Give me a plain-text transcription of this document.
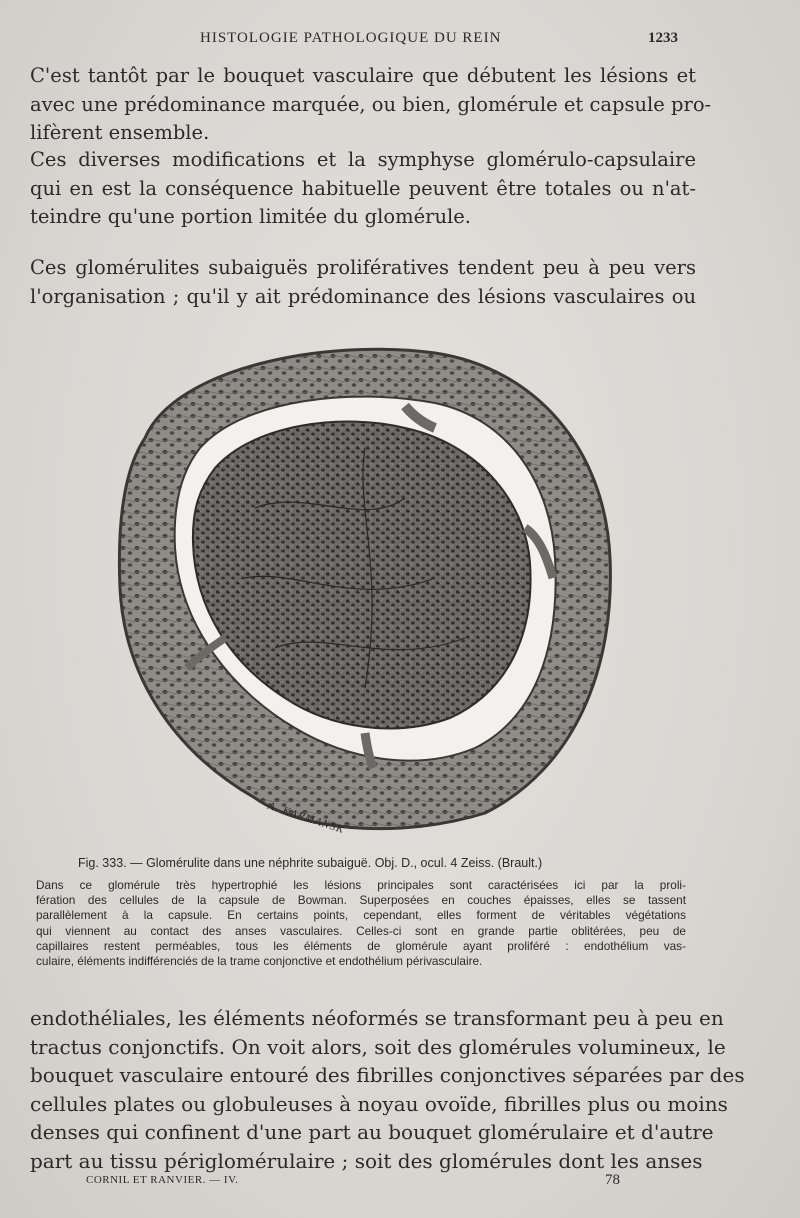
HISTOLOGIE PATHOLOGIQUE DU REIN	1233
C'est tantôt par le bouquet vasculaire que débutent les lésions et
avec une prédominance marquée, ou bien, glomérule et capsule pro-
lifèrent ensemble.
Ces diverses modifications et la symphyse glomérulo-capsulaire
qui en est la conséquence habituelle peuvent être totales ou n'at-
teindre qu'une portion limitée du glomérule.
Ces glomérulites subaiguës prolifératives tendent peu à peu vers
l'organisation ; qu'il y ait prédominance des lésions vasculaires ou
A. KARMANSK
Fig. 333. — Glomérulite dans une néphrite subaiguë. Obj. D., ocul. 4 Zeiss. (Brault.)
Dans ce glomérule très hypertrophié les lésions principales sont caractérisées ici par la proli-
fération des cellules de la capsule de Bowman. Superposées en couches épaisses, elles se tassent
parallèlement à la capsule. En certains points, cependant, elles forment de véritables végétations
qui viennent au contact des anses vasculaires. Celles-ci sont en grande partie oblitérées, peu de
capillaires restent perméables, tous les éléments de glomérule ayant proliféré : endothélium vas-
culaire, éléments indifférenciés de la trame conjonctive et endothélium périvasculaire.
endothéliales, les éléments néoformés se transformant peu à peu en
tractus conjonctifs. On voit alors, soit des glomérules volumineux, le
bouquet vasculaire entouré des fibrilles conjonctives séparées par des
cellules plates ou globuleuses à noyau ovoïde, fibrilles plus ou moins
denses qui confinent d'une part au bouquet glomérulaire et d'autre
part au tissu périglomérulaire ; soit des glomérules dont les anses
CORNIL ET RANVIER. — IV.	78
